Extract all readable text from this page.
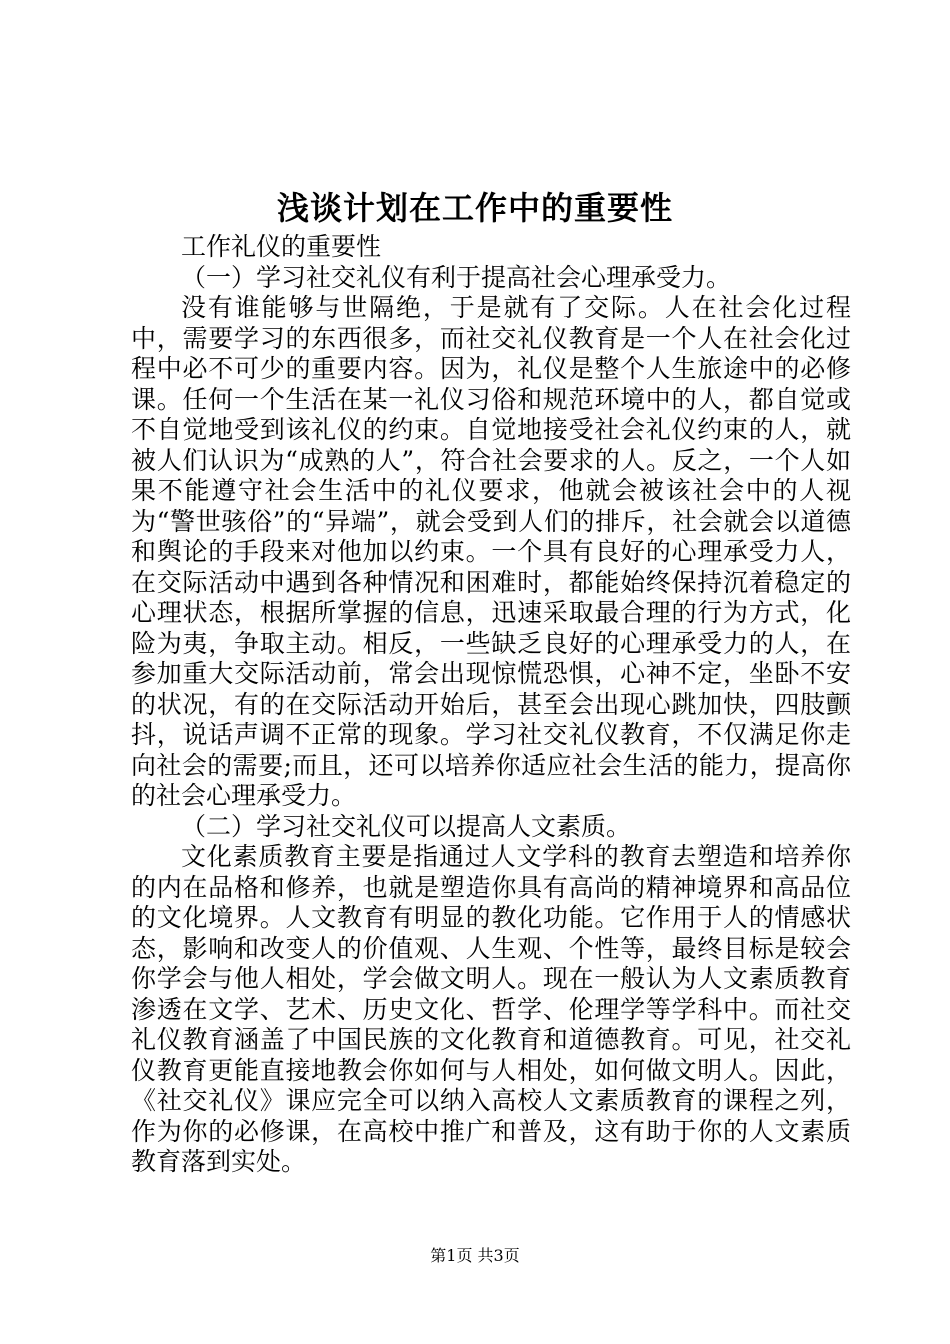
浅谈计划在工作中的重要性

工作礼仪的重要性

（一）学习社交礼仪有利于提高社会心理承受力。

没有谁能够与世隔绝，于是就有了交际。人在社会化过程中，需要学习的东西很多，而社交礼仪教育是一个人在社会化过程中必不可少的重要内容。因为，礼仪是整个人生旅途中的必修课。任何一个生活在某一礼仪习俗和规范环境中的人，都自觉或不自觉地受到该礼仪的约束。自觉地接受社会礼仪约束的人，就被人们认识为“成熟的人”，符合社会要求的人。反之，一个人如果不能遵守社会生活中的礼仪要求，他就会被该社会中的人视为“警世骇俗”的“异端”，就会受到人们的排斥，社会就会以道德和舆论的手段来对他加以约束。一个具有良好的心理承受力人，在交际活动中遇到各种情况和困难时，都能始终保持沉着稳定的心理状态，根据所掌握的信息，迅速采取最合理的行为方式，化险为夷，争取主动。相反，一些缺乏良好的心理承受力的人，在参加重大交际活动前，常会出现惊慌恐惧，心神不定，坐卧不安的状况，有的在交际活动开始后，甚至会出现心跳加快，四肢颤抖，说话声调不正常的现象。学习社交礼仪教育，不仅满足你走向社会的需要;而且，还可以培养你适应社会生活的能力，提高你的社会心理承受力。

（二）学习社交礼仪可以提高人文素质。

文化素质教育主要是指通过人文学科的教育去塑造和培养你的内在品格和修养，也就是塑造你具有高尚的精神境界和高品位的文化境界。人文教育有明显的教化功能。它作用于人的情感状态，影响和改变人的价值观、人生观、个性等，最终目标是较会你学会与他人相处，学会做文明人。现在一般认为人文素质教育渗透在文学、艺术、历史文化、哲学、伦理学等学科中。而社交礼仪教育涵盖了中国民族的文化教育和道德教育。可见，社交礼仪教育更能直接地教会你如何与人相处，如何做文明人。因此，《社交礼仪》课应完全可以纳入高校人文素质教育的课程之列，作为你的必修课，在高校中推广和普及，这有助于你的人文素质教育落到实处。

第1页 共3页
